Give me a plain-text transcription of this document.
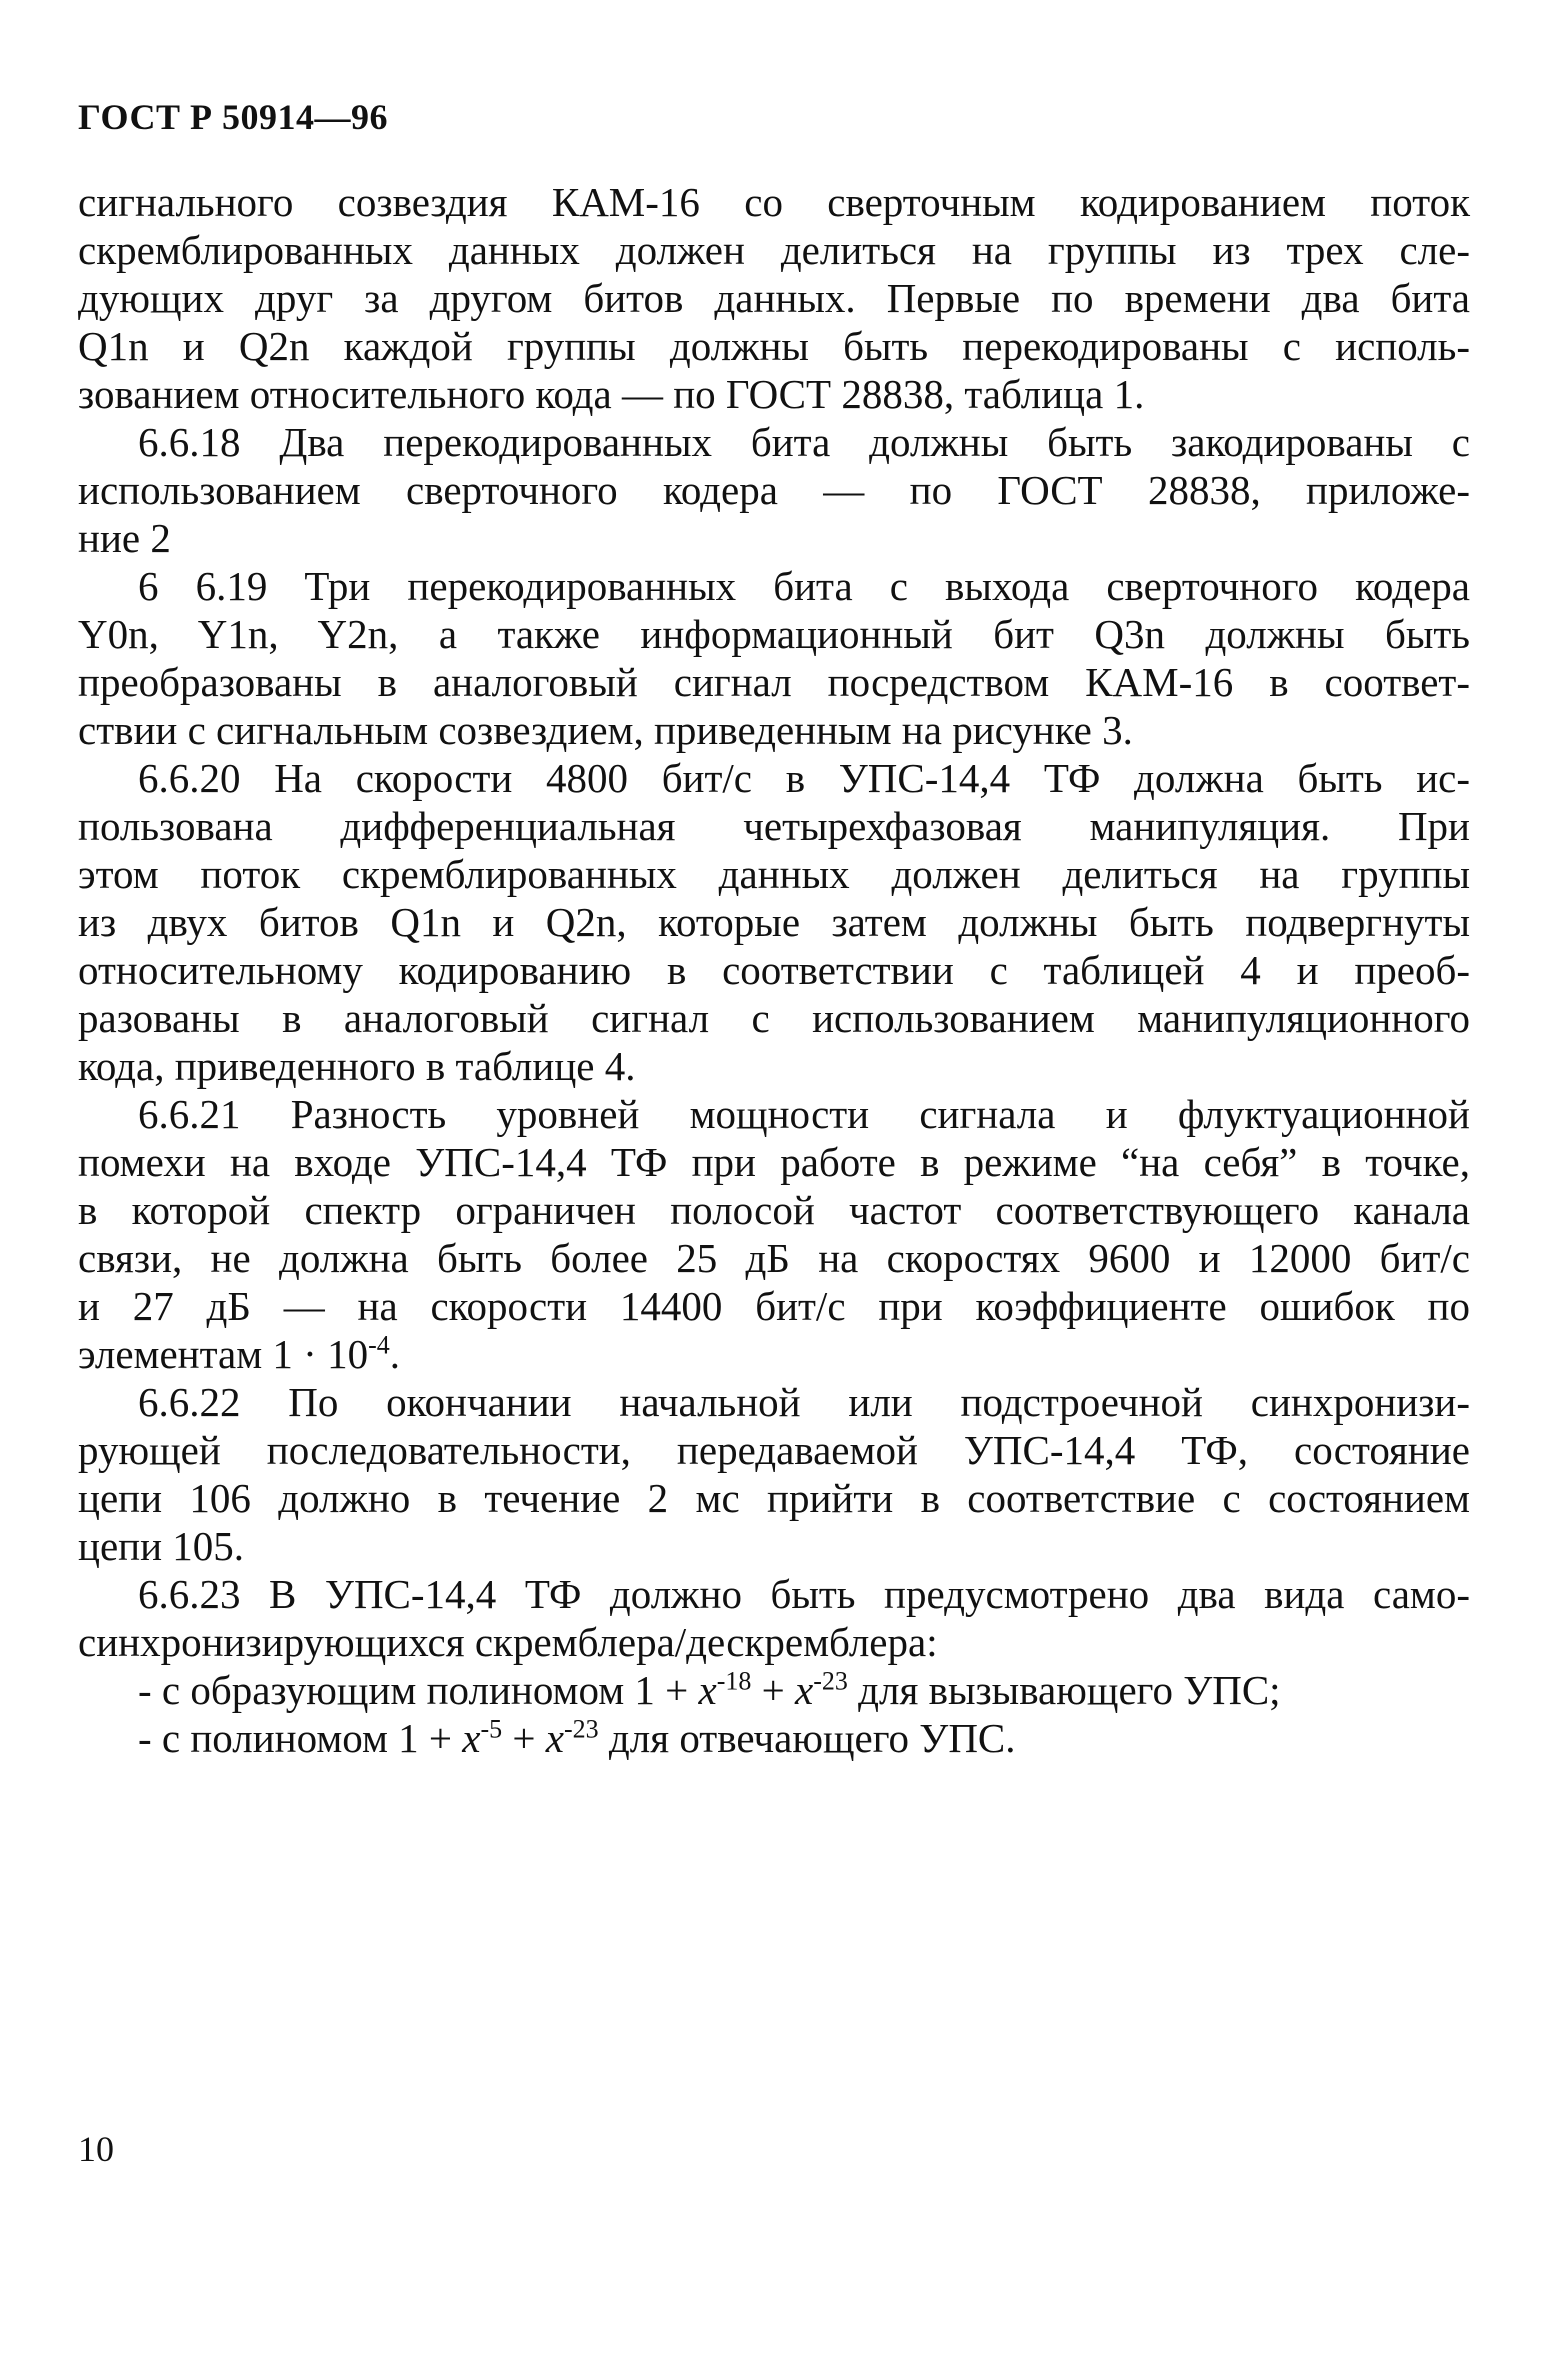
ГОСТ Р 50914—96
сигнального созвездия КАМ-16 со сверточным кодированием поток
скремблированных данных должен делиться на группы из трех сле-
дующих друг за другом битов данных. Первые по времени два бита
Q1n и Q2n каждой группы должны быть перекодированы с исполь-
зованием относительного кода — по ГОСТ 28838, таблица 1.
6.6.18 Два перекодированных бита должны быть закодированы с
использованием сверточного кодера — по ГОСТ 28838, приложе-
ние 2
6 6.19 Три перекодированных бита с выхода сверточного кодера
Y0n, Y1n, Y2n, а также информационный бит Q3n должны быть
преобразованы в аналоговый сигнал посредством КАМ-16 в соответ-
ствии с сигнальным созвездием, приведенным на рисунке 3.
6.6.20 На скорости 4800 бит/с в УПС-14,4 ТФ должна быть ис-
пользована дифференциальная четырехфазовая манипуляция. При
этом поток скремблированных данных должен делиться на группы
из двух битов Q1n и Q2n, которые затем должны быть подвергнуты
относительному кодированию в соответствии с таблицей 4 и преоб-
разованы в аналоговый сигнал с использованием манипуляционного
кода, приведенного в таблице 4.
6.6.21 Разность уровней мощности сигнала и флуктуационной
помехи на входе УПС-14,4 ТФ при работе в режиме “на себя” в точке,
в которой спектр ограничен полосой частот соответствующего канала
связи, не должна быть более 25 дБ на скоростях 9600 и 12000 бит/с
и 27 дБ — на скорости 14400 бит/с при коэффициенте ошибок по
элементам $1 \cdot 10^{-4}$.
6.6.22 По окончании начальной или подстроечной синхронизи-
рующей последовательности, передаваемой УПС-14,4 ТФ, состояние
цепи 106 должно в течение 2 мс прийти в соответствие с состоянием
цепи 105.
6.6.23 В УПС-14,4 ТФ должно быть предусмотрено два вида само-
синхронизирующихся скремблера/дескремблера:
- с образующим полиномом $1 + x^{-18} + x^{-23}$ для вызывающего УПС;
- с полиномом $1 + x^{-5} + x^{-23}$ для отвечающего УПС.
10
